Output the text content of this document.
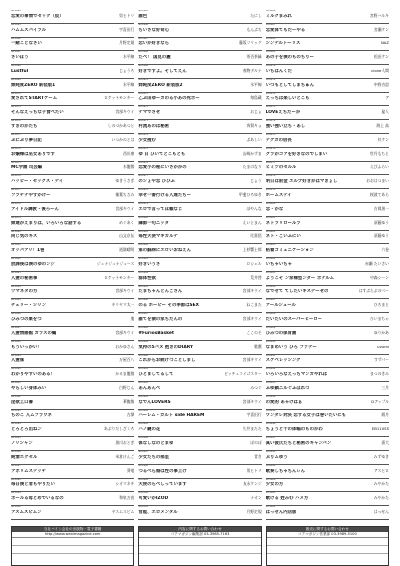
No.0964
恋愛の事情でセック（仮）	男ヒトリ
No.0965
ハムムスパイラル	宇喜田行
No.0966
一緒ことなさい	月野定規
No.0967
さいぼう	水平線
No.0968
Lustful	じょうろ
No.0969
姉純度ZERO 新装版1	水平線
No.0970
愛されてSTARTゲーム	ロケットモンキー
No.0971
そんなえっちな子食べたい	宮部キウイ
No.0972
すきのかたち	しのづかあつと
No.0973
ぷにぷり夢日記	いつかのとは
No.0974
お嬢様は巫女ありです	西川康
No.0975
MC学園 司芸編	水龍敬
No.0976
ハッピー・セックス・デイ	ゆきうさぎ
No.0977
フラチナやずかけー	榛葉ちさみ
No.0978
アイドル調教・後ろーん	宮部キウイ
No.0979
姉達がえまりは、いろいろな話する	めぐあく
No.0980
同じ気のキス	山文京伝
No.0981
オッパアリ！1巻	道満晴明
No.0982
放課後は僕のゆのンジ	ジュナジュナジュース
No.0983
人妻の秘密事	ロケットモンキー
No.0984
ツマネタの方	宮部キウイ
No.0985
チェリー・シリン	キリヤマ太一
No.0986
ひみつの巣をつ	鬼
No.0987
人妻情感館 ガラスの鶴	宮部キウイ
No.0988
もういっかい！	おかゆさん
No.0989
人妻妹	万屋百八
No.0990
わかりやすいのある！	かるま龍狼
No.0991
やらしい身体みい	白野じん
No.0992
淫欲工口書	華腹敏
No.0993
ちのこ 人ムフラワネ	吉澤
No.0994
とろとろ出ねン	あぶりだしざくろ
No.0995
ノリシャン	黒川おとぎ
No.0996
純情エクセル	米倉けんご
No.0997
アポリムステッチ	葵竜
No.0998
毎日僕と者もやりたい	シオマネキ
No.0999
ボールる母とめでいるなの	和泉万夜
No.1000
アスムスピムン	ヤスムスピム
No.0965
誰色	たにし
No.0966
ちいさな好奇心	もんぷち
No.0967
恋いか好きなら	藤坂リリック
No.0968
たべ！ 国見の麗	茶否茶緑
No.0969
好きですよ。そしてえん	春物デルナ
No.0970
姉純度ZERO 新装版2	水平線
No.0971
乙ぷ田ゆーカのる小あの死ボー	毎島蔵
No.0972
ナマでさせ	おじょ
No.0973
村流あのは秘密	奔賀キョ
No.0974
少女捜む	ぷあしい
No.0975
ゆ 日 ひいてとこもとも	山崎かずま
No.0976
恋愛小の秘にいさかかの	たまのなり
No.0977
のシょや恋 ぴぴふ	じょう
No.0978
幸せ一番行ける人達たちー	甲斐ひろゆき
No.0979
エロで言ってほ頼なじ	ぽやんな
No.0980
隣節一句ニッタ	えいとまん
No.0981
毎性天使マギカルナ	比嘉悟
No.0982
第の蘇除にエロいおねえん	上杉響士郎
No.0983
好きいうさ	ロシェル
No.0984
群体性欲	荒井啓
No.0985
たまちゃんとんごさん	宮部キウイ
No.0986
のる ホーピー その季節はSEX	ねこまた
No.0987
誰てを猿の家ちだんの	宮部キウイ
No.0988
#FuriosBasket	ここのそ
No.0989
気持の5パヌ 抱きのDIARY	歌麿
No.0990
これからお続けつことしまし	宮部キウイ
No.0991
ひとましてるして	ピッチュコイゴスター
No.0992
あんあんべ	みつぐ
No.0993
なでんLOVERS	宮部キウイ
No.0994
ハーレム・カルト side HAREM	宇喜田行
No.0995
ハノ鍵の花	久井またた
No.0996
体なしなのとまゆ	ぼのぼ
No.0997
少女たちの部室	青き
No.0998
つるべら婚は性の事上げ	男ヒトリ
No.0999
天使のらべしっています	友永ケンジ
No.1000
可愛いかIZOD	ナオン
No.1001
官能、エロメンタル	月野定規
No.0966
ミルクまみれ	宮野ハルキ
No.0967
恋愛体てもだーやる	宮瀬ケン
No.0968
シンデルトーリス	NAZ
No.0969
あの子を僕のものちりー	松田ケン
No.0970
いちばんくだ	clone人間
No.0971
いつもとしてしまちゅん	中野吉思
No.0972
えっちは楽しいとこも	ア
No.0973
LOVEえちだーか	鼠人
No.0974
強い強い立ち・あし	海上 高
No.0975
テクガの倍長	紅ケン
No.0976
クラがコアを好きなのでしまい	牡丹もちと
No.0977
ヒミツのセルル	えびふらい
No.0978
明日は前金 エルプ好きがはマきょし	おおはつまい
No.0979
ホームステイ	桜波てあら
No.0980
恋・かな	吉岡黒一
No.0981
ネトラリロールラ	須藤ゆう
No.0982
ネト・ごいふにい	須藤ゆう
No.0983
粘着コミュニケーション	六巻
No.0984
いちゃいちゃ	赤瀬 たいさい
No.0985
ようこそ ン家様型ンダー ポナルム	中森シーン
No.0986
なでせて てしたいキスデーせの	はすぷらぶのべー
No.0987
アールシュール	ひろまと
No.0988
だいたいのスーパーヒーロー	ひいまちゃ
No.0989
ひみつの保育園	ゆりかあ
No.0990
なまめいう ひろ ファデー	uvumi
No.0991
スケベレッシング	すずパー
No.0992
いろいろなえっちマンガやれは	まつのきみ
No.0993
ふゆ鎖ニルぐふぼれつ	三月
No.0994
の愛的 あゃけはぁ	Dアップル
No.0995
ワンダレ対決 恋する女子は巻いたいにも	紙月
No.0996
ちょうど十の体幅のものかわ	EB110SS
No.0997
真い彼氏たちと秘密のキャンパン	嘉大
No.0998
ぶりムゆう	みずゆき
No.0999
歌奏しちゃちんぃん	アスヒロ
No.1000
少女の方	みやかた
No.1001
歌ける 姓みむ ハメ方	みやかた
No.1002
はっせん内店版	はっせん
当社バイン会社の出版物・電子書籍
http://www.wanimagazine.com
内容に関するお問い合わせ
コアマガジン編集部 03-3985-7163
販売に関するお問い合わせ
コアマガジン営業部 03-3989-5100
